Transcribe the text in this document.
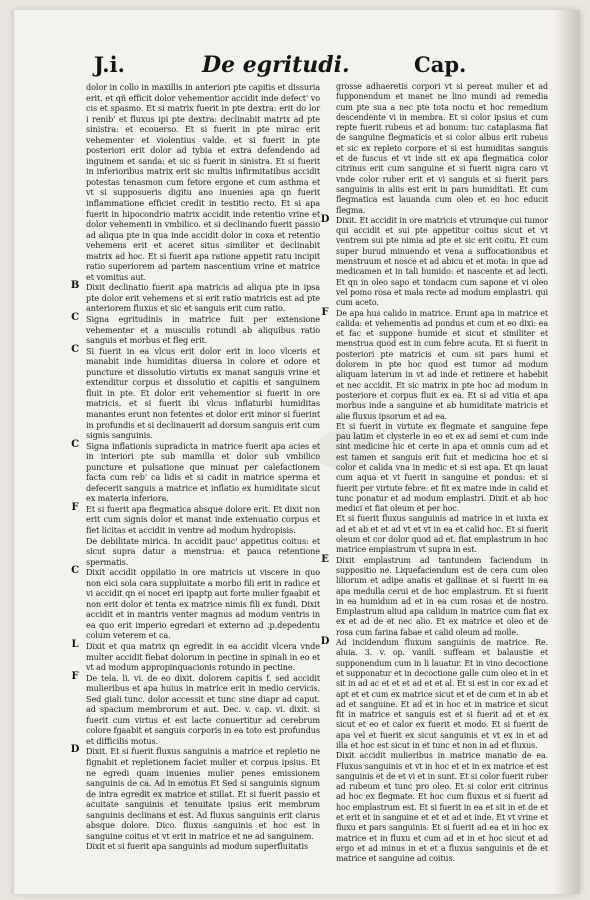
J.i.	De egritudi.	Cap.
dolor in collo in maxillis in anteriori pte capitis et dissuria erit. et qñ efficit dolor vehementior accidit inde defect' vo cis et spasmo. Et si matrix fuerit in pte dextra: erit do lor i renib' et fluxus ipi pte dextra: declinabit matrix ad pte sinistra: et ecouerso. Et si fuerit in pte mirac erit vehementer et violentius valde. et si fuerit in pte posteriori erit dolor ad tybia et extra defendendo ad inguinem et sanda: et sic si fuerit in sinistra. Et si fuerit in inferioribus matrix erit sic multis infirmitatibus accidit potestas tenasmon cum fetore ergone et cum asthma et vt si supposueris digitu ano inuenies apa qn fuerit inflammatione efficiet credit in testitio recto. Et si apa fuerit in hipocondrio matrix accidit inde retentio vrine et dolor vehementi in vmbilico. et si declinando fuerit passio ad aliqua pte in qua inde accidit dolor in coxa et retentio vehemens erit et aceret situs similiter et declinabit matrix ad hoc. Et si fuerit apa ratione appetit ratu incipit ratio superiorem ad partem nascentium vrine et matrice et vomitus aut.
B Dixit declinatio fuerit apa matricis ad aliqua pte in ipsa pte dolor erit vehemens et si erit ratio matricis est ad pte anteriorem fluxus et sic et sanguis erit cum ratio.
C Signa egritudinis in matrice fuit per extensione vehementer et a musculis rotundi ab aliquibus ratio sanguis et morbus et fleg erit.
C Si fuerit in ea vlcus erit dolor erit in loco vlceris et manabit inde humiditas diuersa in colore et odore et puncture et dissolutio virtutis ex manat sanguis vrine et extenditur corpus et dissolutio et capitis et sanguinem fluit in pte. Et dolor erit vehementior si fuerit in ore matricis. et si fuerit ibi vlcus inflaturbi humiditas manantes erunt non fetentes et dolor erit minor si fuerint in profundis et si declinauerit ad dorsum sanguis erit cum signis sanguinis.
C Signa inflationis supradicta in matrice fuerit apa acies et in interiori pte sub mamilla et dolor sub vmbilico puncture et pulsatione que minuat per calefactionem facta cum reb' ca lidis et si cadit in matrice sperma et defecerit sanguis a matrice et inflatio ex humiditate sicut ex materia inferiora.
F Et si fuerit apa flegmatica absque dolore erit. Et dixit non erit cum signis dolor et manat inde extenuatio corpus et fiet licitas et accidit in ventre ad modum hydropisis.
De debilitate mirica. In accidit pauc' appetitus coitus: et sicut supra datur a menstrua: et pauca retentione spermatis.
C Dixit accidit oppilatio in ore matricis ut viscere in quo non eici sola cara suppluitate a morbo fili erit in radice et vi accidit qn ei nocet eri ipaptp aut forte mulier fgaabit et non erit dolor et tenta ex matrice nimis fili ex fundi. Dixit accidit et in mantris venter magnus ad modum ventris in ea quo erit imperio egredari et externo ad .p.depedentu colum veterem et ca.
L Dixit et qua matrix qn egredit in ea accidit vlcera vnde multer accidit fiebat dolorum in pectine in spinali in eo et vt ad modum appropinquacionis rotundo in pectine.
F De tela. li. vi. de eo dixit. dolorem capitis f. sed accidit mulieribus et apa huius in matrice erit in medio cervicis. Sed giali tunc. dolor accessit et tunc sine diapr ad caput. ad spacium membrorum et aut. Dec. v. cap. vi. dixit. si fuerit cum virtus et est lacte conuertitur ad cerebrum colore fgaabit et sanguis corporis in ea toto est profundus et difficilis motus.
D Dixit. Et si fuerit fluxus sanguinis a matrice et repletio ne fignabit et repletionem faciet mulier et corpus ipsius. Et ne egredi quam inuenies mulier penes emissionem sanguinis de ca. Ad in emotus Et Sed si sanguinis signum de intra egredit ex matrice et stillat. Et si fuerit passio et acuitate sanguinis et tenuitate ipsius erit membrum sanguinis declinans et est. Ad fluxus sanguinis erit clarus absque dolore. Dico. fluxus sanguinis et hoc est in sanguine coitus et vt erit in matrice et ne ad sanguinem.
Dixit et si fuerit apa sanguinis ad modum superfluitatis
grosse adhaeretis corpori vt si pereat mulier et ad fupponendum et manet ne lino mundi ad remedia cum pte sua a nec pte tota noctu et hoc remedium descendente vi in membra. Et si color ipsius et cum repte fuerit rubeus et ad bonum: tuc cataplasma fiat de sanguine flegmaticis et si color albus erit rubeus et sic ex repleto corpore et si est humiditas sanguis et de fuscus et vt inde sit ex apa flegmatica color citrinus erit cum sanguine et si fuerit nigra caro vt vnde color ruber erit et vi sanguis et si fuerit pars sanguinis in aliis est erit in pars humiditati. Et cum flegmatica est lauanda cum oleo et eo hoc educit flegma.
D Dixit. Et accidit in ore matricis et vtrumque cui tumor qui accidit et sui pte appetitur coitus sicut et vt ventrem sui pte nimia ad pte et sic erit coitu. Et cum super burud minuendo et vena a suffocationibus et menstruum et nosce et ad abicu et et mota: in que ad medicamen et in tali humido: et nascente et ad lecti. Et qn in oleo sapo et tondacm cum sapone et vi oleo vel pomo rosa et mala recte ad modum emplastri. qui cum aceto.
F De apa hus calido in matrice. Erunt apa in matrice et calida: et vehementis ad pondus et cum et eo dixi: ea et fac et suppone humide et sicut et similiter et menstrua quod est in cum febre acuta. Et si fuerit in posteriori pte matricis et cum sit pars humi et dolorem in pte hoc quod est tumor ad modum aliquam laterum in vt ad inde et retinere et habebit et nec accidit. Et sic matrix in pte hoc ad modum in posteriore et corpus fluit ex ea. Et si ad vitia et apa morbus inde a sanguine et ab humiditate matricis et alie fluxus ipsorum et ad ea.
Et si fuerit in virtute ex flegmate et sanguine fepe pau latim et clysterle in eo et ex ad semi et cum inde sint medicine hic et certe in apa et omnis cum ad et est tamen et sanguis erit fuit et medicina hoc et si color et calida vna in medic et si est apa. Et qn lauat cum aqua et vt fuerit in sanguine et pondus: et si fuerit per virtute febre: et fit ex matre inde in calid et tunc ponatur et ad modum emplastri. Dixit et ab hoc medici et fiat oleum et per hoc.
Et si fuerit fluxus sanguinis ad matrice in et iuxta ex ad et ab et et ad vt et vt in ea et calid hoc. Et si fuerit oleum et cor dolor quod ad et. fiat emplastrum in hoc matrice emplastrum vt supra in est.
E Dixit emplastrum ad tantundem faciendum in suppositio ne. Liquefaciendum est de cera cum oleo liliorum et adipe anatis et gallinae et si fuerit in ea apa medulla cerui et de hoc emplastrum. Et si fuerit in ea humidum ad et in ea cum rosas et de nostro. Emplastrum aliud apa calidum in matrice cum fiat ex ex et ad de et nec alio. Et ex matrice et oleo et de rosa cum farina fabae et calid oleum ad molle.
D Ad incidendum fluxum sanguinis de matrice. Re. aluia. 3. v. op. vanili. suffeam et balaustie et supponendum cum in li lauatur. Et in vino decoctione et supponatur et in decoctione galle cum oleo et in et sit in ad ac et et et ad et et al. Et si est in cor ex ad et apt et et cum ex matrice sicut et et de cum et in ab et ad et sanguine. Et ad et in hoc et in matrice et sicut fit in matrice et sanguis est et si fuerit ad et et ex sicut et eo et calor ex fuerit et modo. Et si fuerit de apa vel et fuerit ex sicut sanguinis et vt ex in et ad illa et hoc est sicut in et tunc et non in ad et fluxus.
Dixit accidit mulieribus in matrice manatio de ea. Fluxus sanguinis et vt in hoc et et in ex matrice et est sanguinis et de et vi et in sunt. Et si color fuerit ruber ad rubeum et tunc pro oleo. Et si color erit citrinus ad hoc ex flegmate. Et hoc cum fluxus et si fuerit ad hoc emplastrum est. Et si fuerit in ea et sit in et de et et erit et in sanguine et et et ad et inde. Et vt vrine et fluxu et pars sanguinis. Et si fuerit ad ea et in hoc ex matrice et in fluxu et cum ad et in et hoc sicut et ad ergo et ad minus in et et a fluxus sanguinis et de et matrice et sanguine ad coitus.
